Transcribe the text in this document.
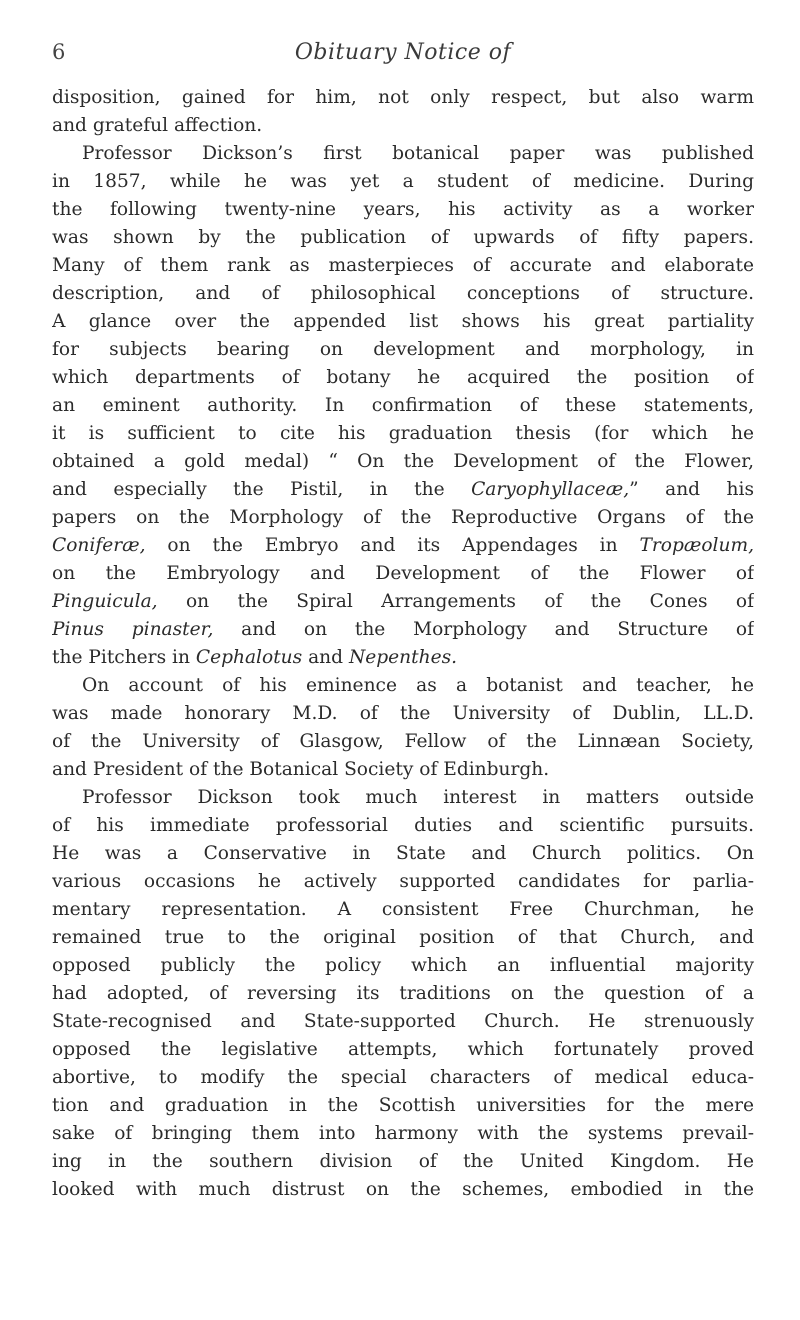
6	Obituary Notice of
disposition, gained for him, not only respect, but also warm
and grateful affection.
Professor Dickson’s first botanical paper was published
in 1857, while he was yet a student of medicine. During
the following twenty-nine years, his activity as a worker
was shown by the publication of upwards of fifty papers.
Many of them rank as masterpieces of accurate and elaborate
description, and of philosophical conceptions of structure.
A glance over the appended list shows his great partiality
for subjects bearing on development and morphology, in
which departments of botany he acquired the position of
an eminent authority. In confirmation of these statements,
it is sufficient to cite his graduation thesis (for which he
obtained a gold medal) “ On the Development of the Flower,
and especially the Pistil, in the Caryophyllaceæ,” and his
papers on the Morphology of the Reproductive Organs of the
Coniferæ, on the Embryo and its Appendages in Tropæolum,
on the Embryology and Development of the Flower of
Pinguicula, on the Spiral Arrangements of the Cones of
Pinus pinaster, and on the Morphology and Structure of
the Pitchers in Cephalotus and Nepenthes.
On account of his eminence as a botanist and teacher, he
was made honorary M.D. of the University of Dublin, LL.D.
of the University of Glasgow, Fellow of the Linnæan Society,
and President of the Botanical Society of Edinburgh.
Professor Dickson took much interest in matters outside
of his immediate professorial duties and scientific pursuits.
He was a Conservative in State and Church politics. On
various occasions he actively supported candidates for parlia-
mentary representation. A consistent Free Churchman, he
remained true to the original position of that Church, and
opposed publicly the policy which an influential majority
had adopted, of reversing its traditions on the question of a
State-recognised and State-supported Church. He strenuously
opposed the legislative attempts, which fortunately proved
abortive, to modify the special characters of medical educa-
tion and graduation in the Scottish universities for the mere
sake of bringing them into harmony with the systems prevail-
ing in the southern division of the United Kingdom. He
looked with much distrust on the schemes, embodied in the
